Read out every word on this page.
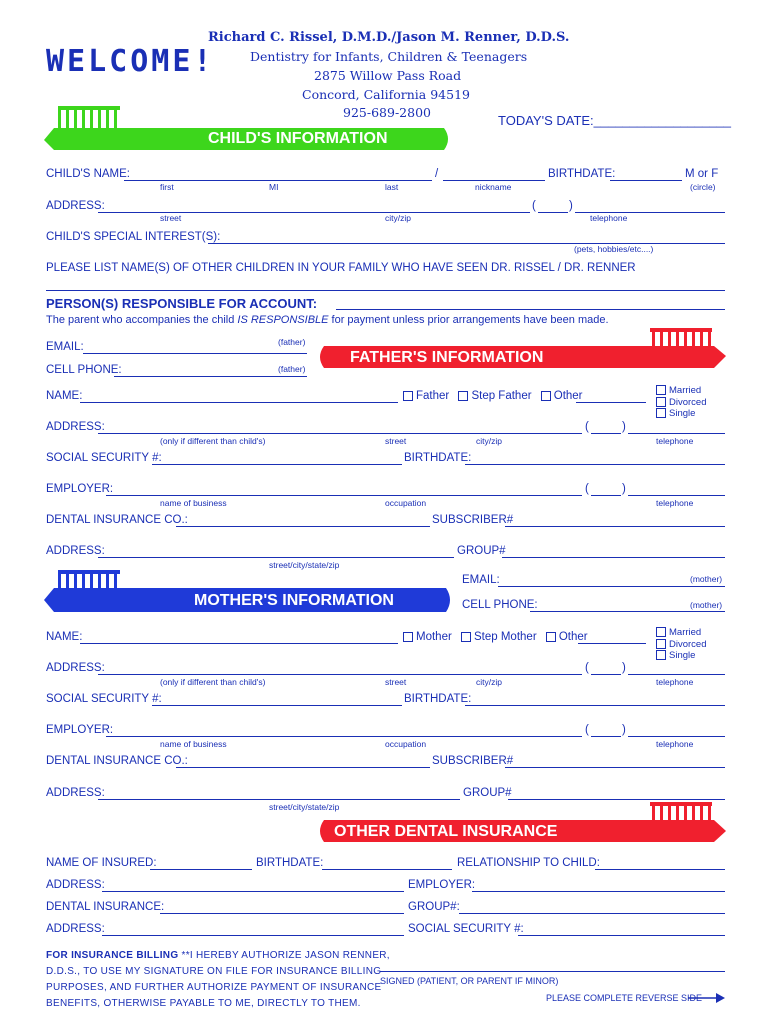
WELCOME!
Richard C. Rissel, D.M.D./Jason M. Renner, D.D.S.
Dentistry for Infants, Children & Teenagers
2875 Willow Pass Road
Concord, California 94519
925-689-2800
TODAY'S DATE:___________________
CHILD'S INFORMATION
CHILD'S NAME:	/	BIRTHDATE:	M or F
first	MI	last	nickname	(circle)
ADDRESS:	(	)
street	city/zip	telephone
CHILD'S SPECIAL INTEREST(S):
(pets, hobbies/etc....)
PLEASE LIST NAME(S) OF OTHER CHILDREN IN YOUR FAMILY WHO HAVE SEEN DR. RISSEL / DR. RENNER
PERSON(S) RESPONSIBLE FOR ACCOUNT:
The parent who accompanies the child IS RESPONSIBLE for payment unless prior arrangements have been made.
EMAIL:	(father)
CELL PHONE:	(father)
FATHER'S INFORMATION
NAME:	Father Step Father Other	Married
Divorced
Single
ADDRESS:	(	)
(only if different than child's)	street	city/zip	telephone
SOCIAL SECURITY #:	BIRTHDATE:
EMPLOYER:	(	)
name of business	occupation	telephone
DENTAL INSURANCE CO.:	SUBSCRIBER#
ADDRESS:	GROUP#
street/city/state/zip
MOTHER'S INFORMATION
EMAIL:	(mother)
CELL PHONE:	(mother)
NAME:	Mother Step Mother Other	Married
Divorced
Single
ADDRESS:	(	)
(only if different than child's)	street	city/zip	telephone
SOCIAL SECURITY #:	BIRTHDATE:
EMPLOYER:	(	)
name of business	occupation	telephone
DENTAL INSURANCE CO.:	SUBSCRIBER#
ADDRESS:	GROUP#
street/city/state/zip
OTHER DENTAL INSURANCE
NAME OF INSURED:	BIRTHDATE:	RELATIONSHIP TO CHILD:
ADDRESS:	EMPLOYER:
DENTAL INSURANCE:	GROUP#:
ADDRESS:	SOCIAL SECURITY #:
FOR INSURANCE BILLING **I HEREBY AUTHORIZE JASON RENNER,
D.D.S., TO USE MY SIGNATURE ON FILE FOR INSURANCE BILLING
PURPOSES, AND FURTHER AUTHORIZE PAYMENT OF INSURANCE
BENEFITS, OTHERWISE PAYABLE TO ME, DIRECTLY TO THEM.
SIGNED (PATIENT, OR PARENT IF MINOR)
PLEASE COMPLETE REVERSE SIDE
